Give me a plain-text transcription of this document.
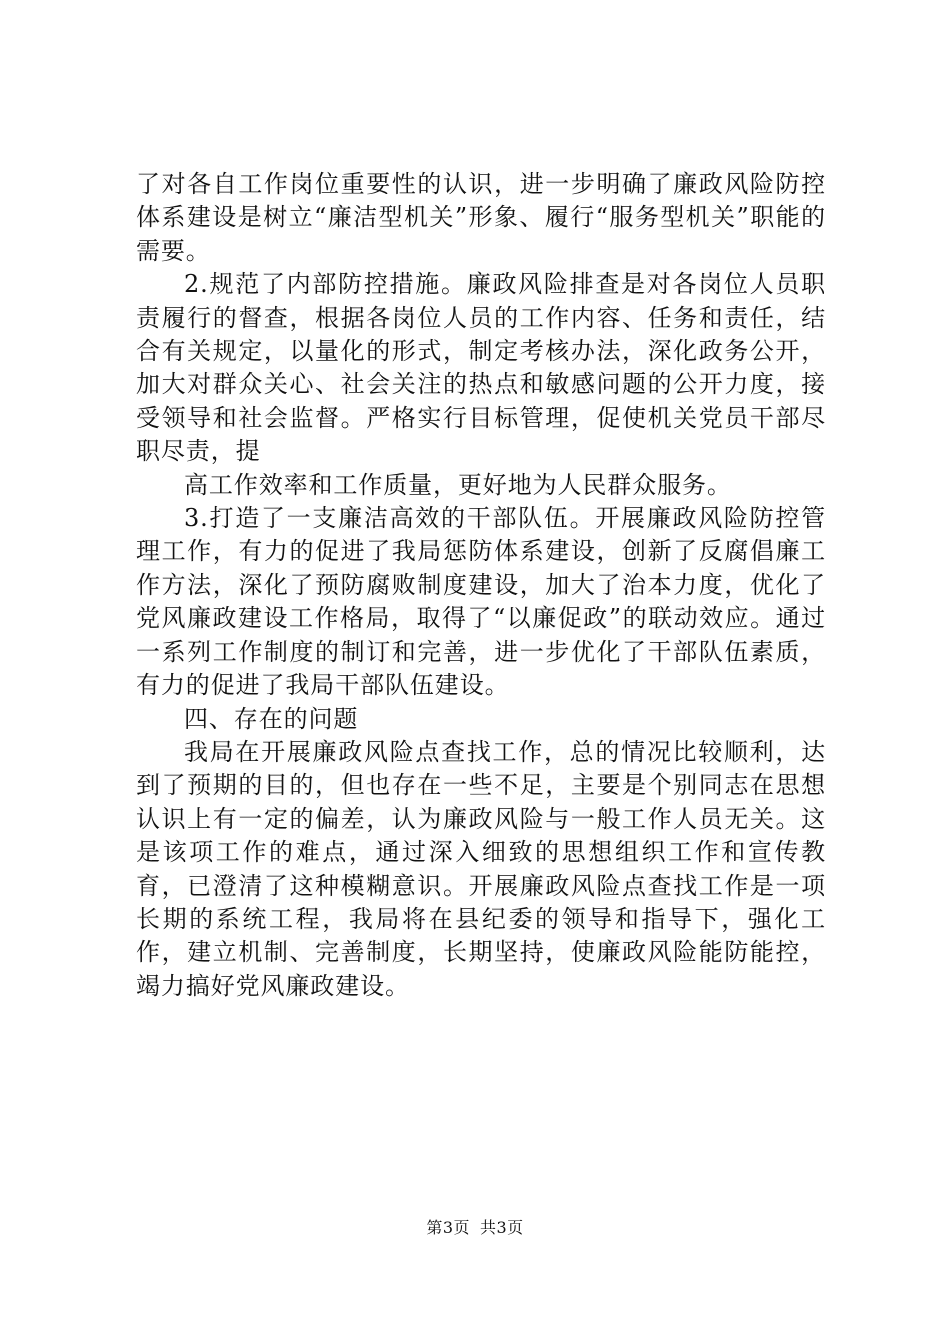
了对各自工作岗位重要性的认识，进一步明确了廉政风险防控体系建设是树立“廉洁型机关”形象、履行“服务型机关”职能的需要。

2.规范了内部防控措施。廉政风险排查是对各岗位人员职责履行的督查，根据各岗位人员的工作内容、任务和责任，结合有关规定，以量化的形式，制定考核办法，深化政务公开，加大对群众关心、社会关注的热点和敏感问题的公开力度，接受领导和社会监督。严格实行目标管理，促使机关党员干部尽职尽责，提

高工作效率和工作质量，更好地为人民群众服务。

3.打造了一支廉洁高效的干部队伍。开展廉政风险防控管理工作，有力的促进了我局惩防体系建设，创新了反腐倡廉工作方法，深化了预防腐败制度建设，加大了治本力度，优化了党风廉政建设工作格局，取得了“以廉促政”的联动效应。通过一系列工作制度的制订和完善，进一步优化了干部队伍素质，有力的促进了我局干部队伍建设。

四、存在的问题

我局在开展廉政风险点查找工作，总的情况比较顺利，达到了预期的目的，但也存在一些不足，主要是个别同志在思想认识上有一定的偏差，认为廉政风险与一般工作人员无关。这是该项工作的难点，通过深入细致的思想组织工作和宣传教育，已澄清了这种模糊意识。开展廉政风险点查找工作是一项长期的系统工程，我局将在县纪委的领导和指导下，强化工作，建立机制、完善制度，长期坚持，使廉政风险能防能控，竭力搞好党风廉政建设。

第3页 共3页
